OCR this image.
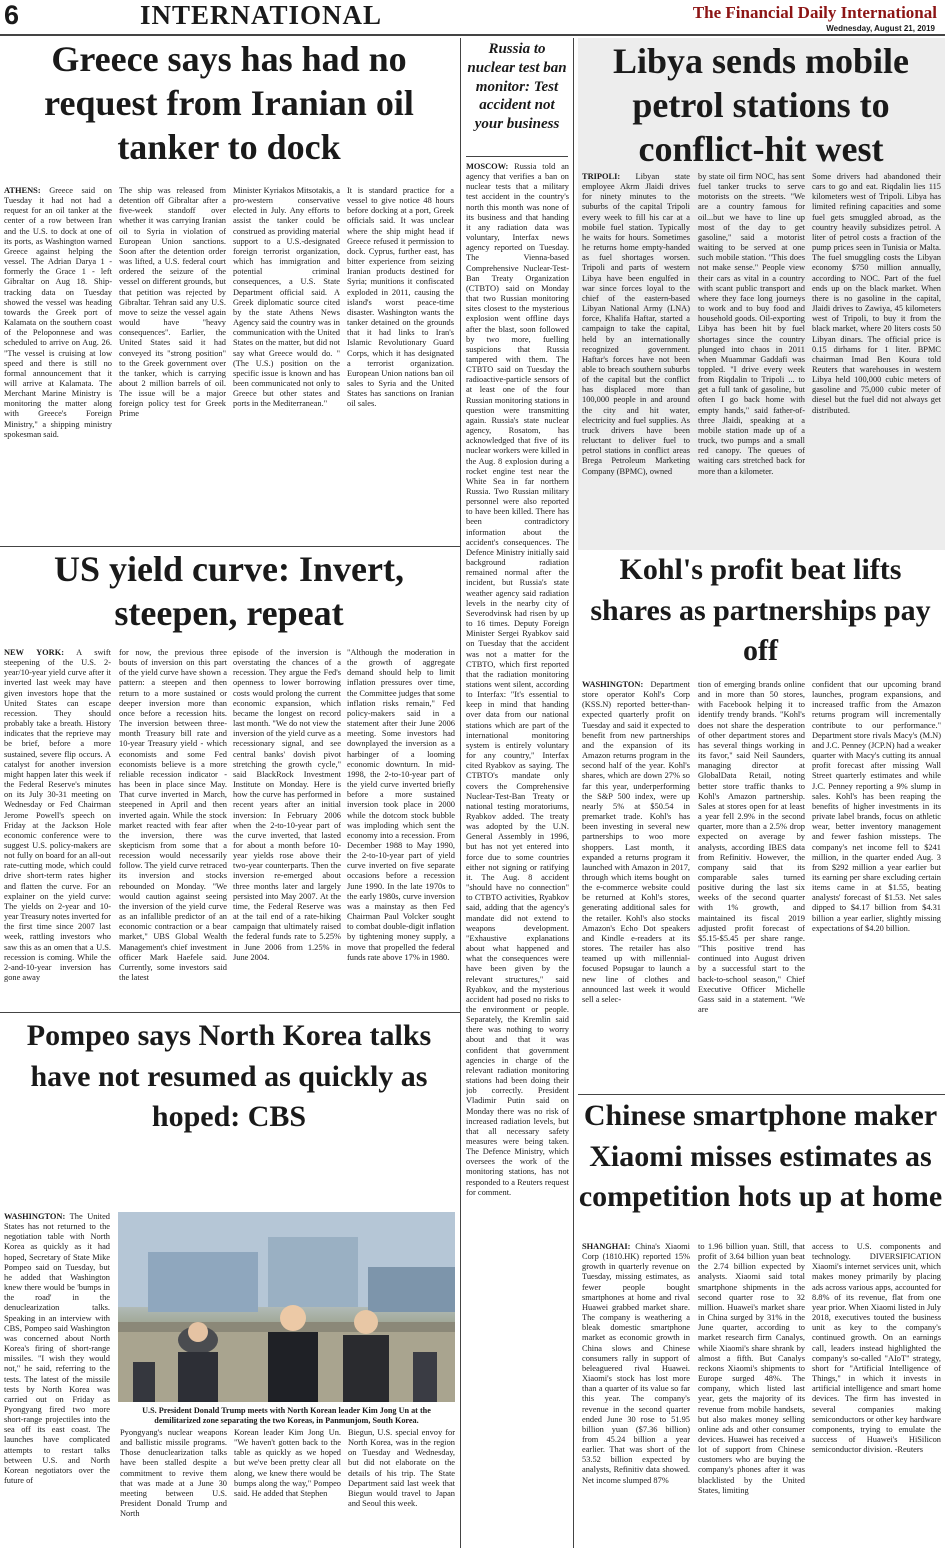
6	INTERNATIONAL	The Financial Daily International
Wednesday, August 21, 2019
Greece says has had no request from Iranian oil tanker to dock
ATHENS: Greece said on Tuesday it had not had a request for an oil tanker at the center of a row between Iran and the U.S. to dock at one of its ports, as Washington warned Greece against helping the vessel. The Adrian Darya 1 - formerly the Grace 1 - left Gibraltar on Aug 18. Ship-tracking data on Tuesday showed the vessel was heading towards the Greek port of Kalamata on the southern coast of the Peloponnese and was scheduled to arrive on Aug. 26. "The vessel is cruising at low speed and there is still no formal announcement that it will arrive at Kalamata. The Merchant Marine Ministry is monitoring the matter along with Greece's Foreign Ministry," a shipping ministry spokesman said.
The ship was released from detention off Gibraltar after a five-week standoff over whether it was carrying Iranian oil to Syria in violation of European Union sanctions. Soon after the detention order was lifted, a U.S. federal court ordered the seizure of the vessel on different grounds, but that petition was rejected by Gibraltar. Tehran said any U.S. move to seize the vessel again would have "heavy consequences". Earlier, the United States said it had conveyed its "strong position" to the Greek government over the tanker, which is carrying about 2 million barrels of oil. The issue will be a major foreign policy test for Greek Prime
Minister Kyriakos Mitsotakis, a pro-western conservative elected in July. Any efforts to assist the tanker could be construed as providing material support to a U.S.-designated foreign terrorist organization, which has immigration and potential criminal consequences, a U.S. State Department official said. A Greek diplomatic source cited by the state Athens News Agency said the country was in communication with the United States on the matter, but did not say what Greece would do. "(The U.S.) position on the specific issue is known and has been communicated not only to Greece but other states and ports in the Mediterranean."
It is standard practice for a vessel to give notice 48 hours before docking at a port, Greek officials said. It was unclear where the ship might head if Greece refused it permission to dock. Cyprus, further east, has bitter experience from seizing Iranian products destined for Syria; munitions it confiscated exploded in 2011, causing the island's worst peace-time disaster. Washington wants the tanker detained on the grounds that it had links to Iran's Islamic Revolutionary Guard Corps, which it has designated a terrorist organization. European Union nations ban oil sales to Syria and the United States has sanctions on Iranian oil sales.
Russia to nuclear test ban monitor: Test accident not your business
MOSCOW: Russia told an agency that verifies a ban on nuclear tests that a military test accident in the country's north this month was none of its business and that handing it any radiation data was voluntary, Interfax news agency reported on Tuesday. The Vienna-based Comprehensive Nuclear-Test-Ban Treaty Organization (CTBTO) said on Monday that two Russian monitoring sites closest to the mysterious explosion went offline days after the blast, soon followed by two more, fuelling suspicions that Russia tampered with them. The CTBTO said on Tuesday the radioactive-particle sensors of at least one of the four Russian monitoring stations in question were transmitting again. Russia's state nuclear agency, Rosatom, has acknowledged that five of its nuclear workers were killed in the Aug. 8 explosion during a rocket engine test near the White Sea in far northern Russia. Two Russian military personnel were also reported to have been killed. There has been contradictory information about the accident's consequences. The Defence Ministry initially said background radiation remained normal after the incident, but Russia's state weather agency said radiation levels in the nearby city of Severodvinsk had risen by up to 16 times. Deputy Foreign Minister Sergei Ryabkov said on Tuesday that the accident was not a matter for the CTBTO, which first reported that the radiation monitoring stations went silent, according to Interfax: "It's essential to keep in mind that handing over data from our national stations which are part of the international monitoring system is entirely voluntary for any country," Interfax cited Ryabkov as saying. The CTBTO's mandate only covers the Comprehensive Nuclear-Test-Ban Treaty or national testing moratoriums, Ryabkov added. The treaty was adopted by the U.N. General Assembly in 1996, but has not yet entered into force due to some countries either not signing or ratifying it. The Aug. 8 accident "should have no connection" to CTBTO activities, Ryabkov said, adding that the agency's mandate did not extend to weapons development. "Exhaustive explanations about what happened and what the consequences were have been given by the relevant structures," said Ryabkov, and the mysterious accident had posed no risks to the environment or people. Separately, the Kremlin said there was nothing to worry about and that it was confident that government agencies in charge of the relevant radiation monitoring stations had been doing their job correctly. President Vladimir Putin said on Monday there was no risk of increased radiation levels, but that all necessary safety measures were being taken. The Defence Ministry, which oversees the work of the monitoring stations, has not responded to a Reuters request for comment.
Libya sends mobile petrol stations to conflict-hit west
TRIPOLI: Libyan state employee Akrm Jlaidi drives for ninety minutes to the suburbs of the capital Tripoli every week to fill his car at a mobile fuel station. Typically he waits for hours. Sometimes he returns home empty-handed as fuel shortages worsen. Tripoli and parts of western Libya have been engulfed in war since forces loyal to the chief of the eastern-based Libyan National Army (LNA) force, Khalifa Haftar, started a campaign to take the capital, held by an internationally recognized government. Haftar's forces have not been able to breach southern suburbs of the capital but the conflict has displaced more than 100,000 people in and around the city and hit water, electricity and fuel supplies. As truck drivers have been reluctant to deliver fuel to petrol stations in conflict areas Brega Petroleum Marketing Company (BPMC), owned
by state oil firm NOC, has sent fuel tanker trucks to serve motorists on the streets. "We are a country famous for oil...but we have to line up most of the day to get gasoline," said a motorist waiting to be served at one such mobile station. "This does not make sense." People view their cars as vital in a country with scant public transport and where they face long journeys to work and to buy food and household goods. Oil-exporting Libya has been hit by fuel shortages since the country plunged into chaos in 2011 when Muammar Gaddafi was toppled. "I drive every week from Riqdalin to Tripoli ... to get a full tank of gasoline, but often I go back home with empty hands," said father-of-three Jlaidi, speaking at a mobile station made up of a truck, two pumps and a small red canopy. The queues of waiting cars stretched back for more than a kilometer.
Some drivers had abandoned their cars to go and eat. Riqdalin lies 115 kilometers west of Tripoli. Libya has limited refining capacities and some fuel gets smuggled abroad, as the country heavily subsidizes petrol. A liter of petrol costs a fraction of the pump prices seen in Tunisia or Malta. The fuel smuggling costs the Libyan economy $750 million annually, according to NOC. Part of the fuel ends up on the black market. When there is no gasoline in the capital, Jlaidi drives to Zawiya, 45 kilometers west of Tripoli, to buy it from the black market, where 20 liters costs 50 Libyan dinars. The official price is 0.15 dirhams for 1 liter. BPMC chairman Imad Ben Koura told Reuters that warehouses in western Libya held 100,000 cubic meters of gasoline and 75,000 cubic meter of diesel but the fuel did not always get distributed.
US yield curve: Invert, steepen, repeat
NEW YORK: A swift steepening of the U.S. 2-year/10-year yield curve after it inverted last week may have given investors hope that the United States can escape recession. They should probably take a breath. History indicates that the reprieve may be brief, before a more sustained, severe flip occurs. A catalyst for another inversion might happen later this week if the Federal Reserve's minutes on its July 30-31 meeting on Wednesday or Fed Chairman Jerome Powell's speech on Friday at the Jackson Hole economic conference were to suggest U.S. policy-makers are not fully on board for an all-out rate-cutting mode, which could drive short-term rates higher and flatten the curve. For an explainer on the yield curve: The yields on 2-year and 10-year Treasury notes inverted for the first time since 2007 last week, rattling investors who saw this as an omen that a U.S. recession is coming. While the 2-and-10-year inversion has gone away
for now, the previous three bouts of inversion on this part of the yield curve have shown a pattern: a steepen and then return to a more sustained or deeper inversion more than once before a recession hits. The inversion between three-month Treasury bill rate and 10-year Treasury yield - which economists and some Fed economists believe is a more reliable recession indicator - has been in place since May. That curve inverted in March, steepened in April and then inverted again. While the stock market reacted with fear after the inversion, there was skepticism from some that a recession would necessarily follow. The yield curve retraced its inversion and stocks rebounded on Monday. "We would caution against seeing the inversion of the yield curve as an infallible predictor of an economic contraction or a bear market," UBS Global Wealth Management's chief investment officer Mark Haefele said. Currently, some investors said the latest
episode of the inversion is overstating the chances of a recession. They argue the Fed's openness to lower borrowing costs would prolong the current economic expansion, which became the longest on record last month. "We do not view the inversion of the yield curve as a recessionary signal, and see central banks' dovish pivot stretching the growth cycle," said BlackRock Investment Institute on Monday. Here is how the curve has performed in recent years after an initial inversion: In February 2006 when the 2-to-10-year part of the curve inverted, that lasted for about a month before 10-year yields rose above their two-year counterparts. Then the inversion re-emerged about three months later and largely persisted into May 2007. At the time, the Federal Reserve was at the tail end of a rate-hiking campaign that ultimately raised the federal funds rate to 5.25% in June 2006 from 1.25% in June 2004.
"Although the moderation in the growth of aggregate demand should help to limit inflation pressures over time, the Committee judges that some inflation risks remain," Fed policy-makers said in a statement after their June 2006 meeting. Some investors had downplayed the inversion as a harbinger of a looming economic downturn. In mid-1998, the 2-to-10-year part of the yield curve inverted briefly before a more sustained inversion took place in 2000 while the dotcom stock bubble was imploding which sent the economy into a recession. From December 1988 to May 1990, the 2-to-10-year part of yield curve inverted on five separate occasions before a recession June 1990. In the late 1970s to the early 1980s, curve inversion was a mainstay as then Fed Chairman Paul Volcker sought to combat double-digit inflation by tightening money supply, a move that propelled the federal funds rate above 17% in 1980.
Kohl's profit beat lifts shares as partnerships pay off
WASHINGTON: Department store operator Kohl's Corp (KSS.N) reported better-than-expected quarterly profit on Tuesday and said it expected to benefit from new partnerships and the expansion of its Amazon returns program in the second half of the year. Kohl's shares, which are down 27% so far this year, underperforming the S&P 500 index, were up nearly 5% at $50.54 in premarket trade. Kohl's has been investing in several new partnerships to woo more shoppers. Last month, it expanded a returns program it launched with Amazon in 2017, through which items bought on the e-commerce website could be returned at Kohl's stores, generating additional sales for the retailer. Kohl's also stocks Amazon's Echo Dot speakers and Kindle e-readers at its stores. The retailer has also teamed up with millennial-focused Popsugar to launch a new line of clothes and announced last week it would sell a selec-
tion of emerging brands online and in more than 50 stores, with Facebook helping it to identify trendy brands. "Kohl's does not share the desperation of other department stores and has several things working in its favor," said Neil Saunders, managing director at GlobalData Retail, noting better store traffic thanks to Kohl's Amazon partnership. Sales at stores open for at least a year fell 2.9% in the second quarter, more than a 2.5% drop expected on average by analysts, according IBES data from Refinitiv. However, the company said that its comparable sales turned positive during the last six weeks of the second quarter with 1% growth, and maintained its fiscal 2019 adjusted profit forecast of $5.15-$5.45 per share range. "This positive trend has continued into August driven by a successful start to the back-to-school season," Chief Executive Officer Michelle Gass said in a statement. "We are
confident that our upcoming brand launches, program expansions, and increased traffic from the Amazon returns program will incrementally contribute to our performance." Department store rivals Macy's (M.N) and J.C. Penney (JCP.N) had a weaker quarter with Macy's cutting its annual profit forecast after missing Wall Street quarterly estimates and while J.C. Penney reporting a 9% slump in sales. Kohl's has been reaping the benefits of higher investments in its private label brands, focus on athletic wear, better inventory management and fewer fashion missteps. The company's net income fell to $241 million, in the quarter ended Aug. 3 from $292 million a year earlier but its earning per share excluding certain items came in at $1.55, beating analysts' forecast of $1.53. Net sales dipped to $4.17 billion from $4.31 billion a year earlier, slightly missing expectations of $4.20 billion.
Pompeo says North Korea talks have not resumed as quickly as hoped: CBS
WASHINGTON: The United States has not returned to the negotiation table with North Korea as quickly as it had hoped, Secretary of State Mike Pompeo said on Tuesday, but he added that Washington knew there would be 'bumps in the road' in the denuclearization talks. Speaking in an interview with CBS, Pompeo said Washington was concerned about North Korea's firing of short-range missiles. "I wish they would not," he said, referring to the tests. The latest of the missile tests by North Korea was carried out on Friday as Pyongyang fired two more short-range projectiles into the sea off its east coast. The launches have complicated attempts to restart talks between U.S. and North Korean negotiators over the future of
U.S. President Donald Trump meets with North Korean leader Kim Jong Un at the demilitarized zone separating the two Koreas, in Panmunjom, South Korea.
Pyongyang's nuclear weapons and ballistic missile programs. Those denuclearization talks have been stalled despite a commitment to revive them that was made at a June 30 meeting between U.S. President Donald Trump and North
Korean leader Kim Jong Un. "We haven't gotten back to the table as quickly as we hoped but we've been pretty clear all along, we knew there would be bumps along the way," Pompeo said. He added that Stephen
Biegun, U.S. special envoy for North Korea, was in the region on Tuesday and Wednesday, but did not elaborate on the details of his trip. The State Department said last week that Biegun would travel to Japan and Seoul this week.
Chinese smartphone maker Xiaomi misses estimates as competition hots up at home
SHANGHAI: China's Xiaomi Corp (1810.HK) reported 15% growth in quarterly revenue on Tuesday, missing estimates, as fewer people bought smartphones at home and rival Huawei grabbed market share. The company is weathering a bleak domestic smartphone market as economic growth in China slows and Chinese consumers rally in support of beleaguered rival Huawei. Xiaomi's stock has lost more than a quarter of its value so far this year. The company's revenue in the second quarter ended June 30 rose to 51.95 billion yuan ($7.36 billion) from 45.24 billion a year earlier. That was short of the 53.52 billion expected by analysts, Refinitiv data showed. Net income slumped 87%
to 1.96 billion yuan. Still, that profit of 3.64 billion yuan beat the 2.74 billion expected by analysts. Xiaomi said total smartphone shipments in the second quarter rose to 32 million. Huawei's market share in China surged by 31% in the June quarter, according to market research firm Canalys, while Xiaomi's share shrank by almost a fifth. But Canalys reckons Xiaomi's shipments to Europe surged 48%. The company, which listed last year, gets the majority of its revenue from mobile handsets, but also makes money selling online ads and other consumer devices. Huawei has received a lot of support from Chinese customers who are buying the company's phones after it was blacklisted by the United States, limiting
access to U.S. components and technology. DIVERSIFICATION Xiaomi's internet services unit, which makes money primarily by placing ads across various apps, accounted for 8.8% of its revenue, flat from one year prior. When Xiaomi listed in July 2018, executives touted the business unit as key to the company's continued growth. On an earnings call, leaders instead highlighted the company's so-called "AIoT" strategy, short for "Artificial Intelligence of Things," in which it invests in artificial intelligence and smart home devices. The firm has invested in several companies making semiconductors or other key hardware components, trying to emulate the success of Huawei's HiSilicon semiconductor division. -Reuters
